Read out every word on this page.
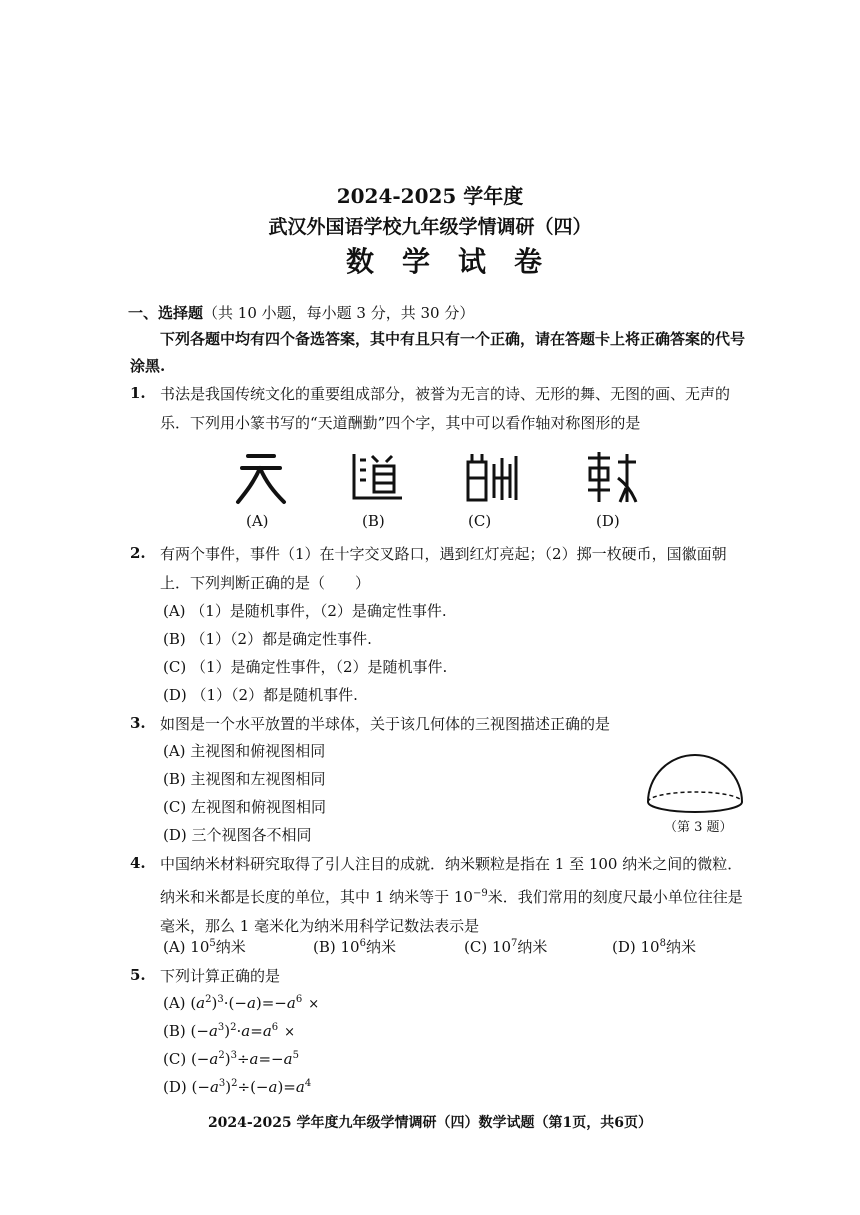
2024-2025 学年度
武汉外国语学校九年级学情调研（四）
数学试卷
一、选择题（共 10 小题，每小题 3 分，共 30 分）
下列各题中均有四个备选答案，其中有且只有一个正确，请在答题卡上将正确答案的代号涂黑.
1. 书法是我国传统文化的重要组成部分，被誉为无言的诗、无形的舞、无图的画、无声的乐．下列用小篆书写的“天道酬勤”四个字，其中可以看作轴对称图形的是
(A)	(B)	(C)	(D)
2. 有两个事件，事件（1）在十字交叉路口，遇到红灯亮起；（2）掷一枚硬币，国徽面朝上．下列判断正确的是（　　）
(A) （1）是随机事件，（2）是确定性事件.
(B) （1）（2）都是确定性事件.
(C) （1）是确定性事件，（2）是随机事件.
(D) （1）（2）都是随机事件.
3. 如图是一个水平放置的半球体，关于该几何体的三视图描述正确的是
(A) 主视图和俯视图相同
(B) 主视图和左视图相同
(C) 左视图和俯视图相同
(D) 三个视图各不相同	（第 3 题）
4. 中国纳米材料研究取得了引人注目的成就．纳米颗粒是指在 1 至 100 纳米之间的微粒．纳米和米都是长度的单位，其中 1 纳米等于 $10^{-9}$米．我们常用的刻度尺最小单位往往是毫米，那么 1 毫米化为纳米用科学记数法表示是
(A) $10^5$纳米	(B) $10^6$纳米	(C) $10^7$纳米	(D) $10^8$纳米
5. 下列计算正确的是
(A) $(a^2)^3\cdot(-a)=-a^6$ ×
(B) $(-a^3)^2\cdot a=a^6$ ×
(C) $(-a^2)^3\div a=-a^5$
(D) $(-a^3)^2\div(-a)=a^4$
2024-2025 学年度九年级学情调研（四）数学试题（第1页，共6页）
